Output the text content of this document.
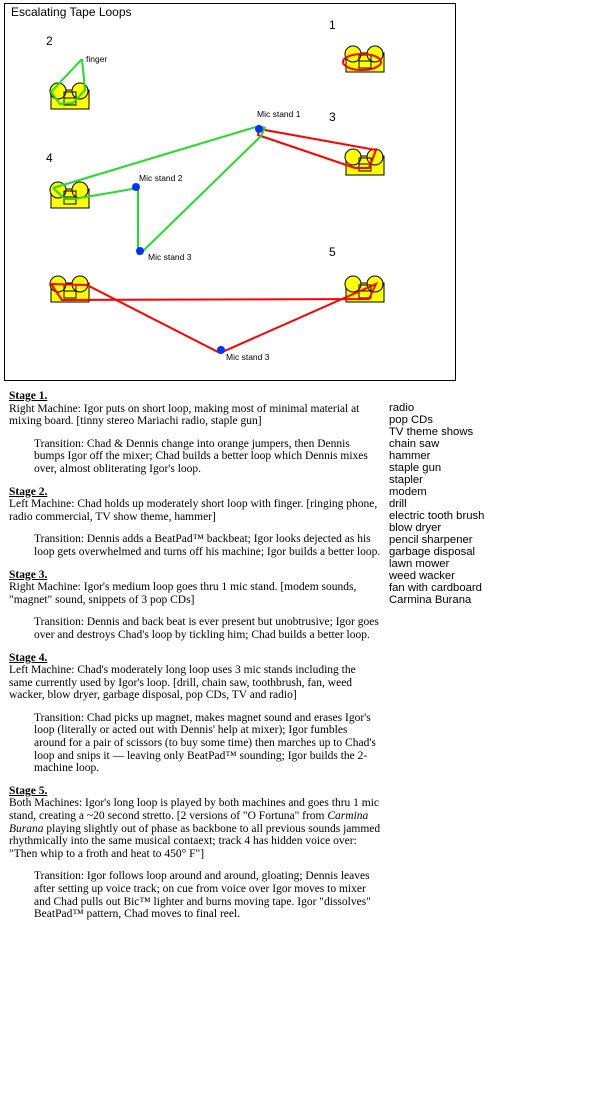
Escalating Tape Loops
1
2
3
4
5
finger
Mic stand 1
Mic stand 2
Mic stand 3
Mic stand 3
Stage 1.
Right Machine: Igor puts on short loop, making most of minimal material at mixing board. [tinny stereo Mariachi radio, staple gun]
Transition: Chad & Dennis change into orange jumpers, then Dennis bumps Igor off the mixer; Chad builds a better loop which Dennis mixes over, almost obliterating Igor's loop.
Stage 2.
Left Machine: Chad holds up moderately short loop with finger. [ringing phone, radio commercial, TV show theme, hammer]
Transition: Dennis adds a BeatPad™ backbeat; Igor looks dejected as his loop gets overwhelmed and turns off his machine; Igor builds a better loop.
Stage 3.
Right Machine: Igor's medium loop goes thru 1 mic stand. [modem sounds, "magnet" sound, snippets of 3 pop CDs]
Transition: Dennis and back beat is ever present but unobtrusive; Igor goes over and destroys Chad's loop by tickling him; Chad builds a better loop.
Stage 4.
Left Machine: Chad's moderately long loop uses 3 mic stands including the same currently used by Igor's loop. [drill, chain saw, toothbrush, fan, weed wacker, blow dryer, garbage disposal, pop CDs, TV and radio]
Transition: Chad picks up magnet, makes magnet sound and erases Igor's loop (literally or acted out with Dennis' help at mixer); Igor fumbles around for a pair of scissors (to buy some time) then marches up to Chad's loop and snips it — leaving only BeatPad™ sounding; Igor builds the 2-machine loop.
Stage 5.
Both Machines: Igor's long loop is played by both machines and goes thru 1 mic stand, creating a ~20 second stretto. [2 versions of "O Fortuna" from Carmina Burana playing slightly out of phase as backbone to all previous sounds jammed rhythmically into the same musical contaext; track 4 has hidden voice over: "Then whip to a froth and heat to 450° F"]
Transition: Igor follows loop around and around, gloating; Dennis leaves after setting up voice track; on cue from voice over Igor moves to mixer and Chad pulls out Bic™ lighter and burns moving tape. Igor "dissolves" BeatPad™ pattern, Chad moves to final reel.
radio
pop CDs
TV theme shows
chain saw
hammer
staple gun
stapler
modem
drill
electric tooth brush
blow dryer
pencil sharpener
garbage disposal
lawn mower
weed wacker
fan with cardboard
Carmina Burana
